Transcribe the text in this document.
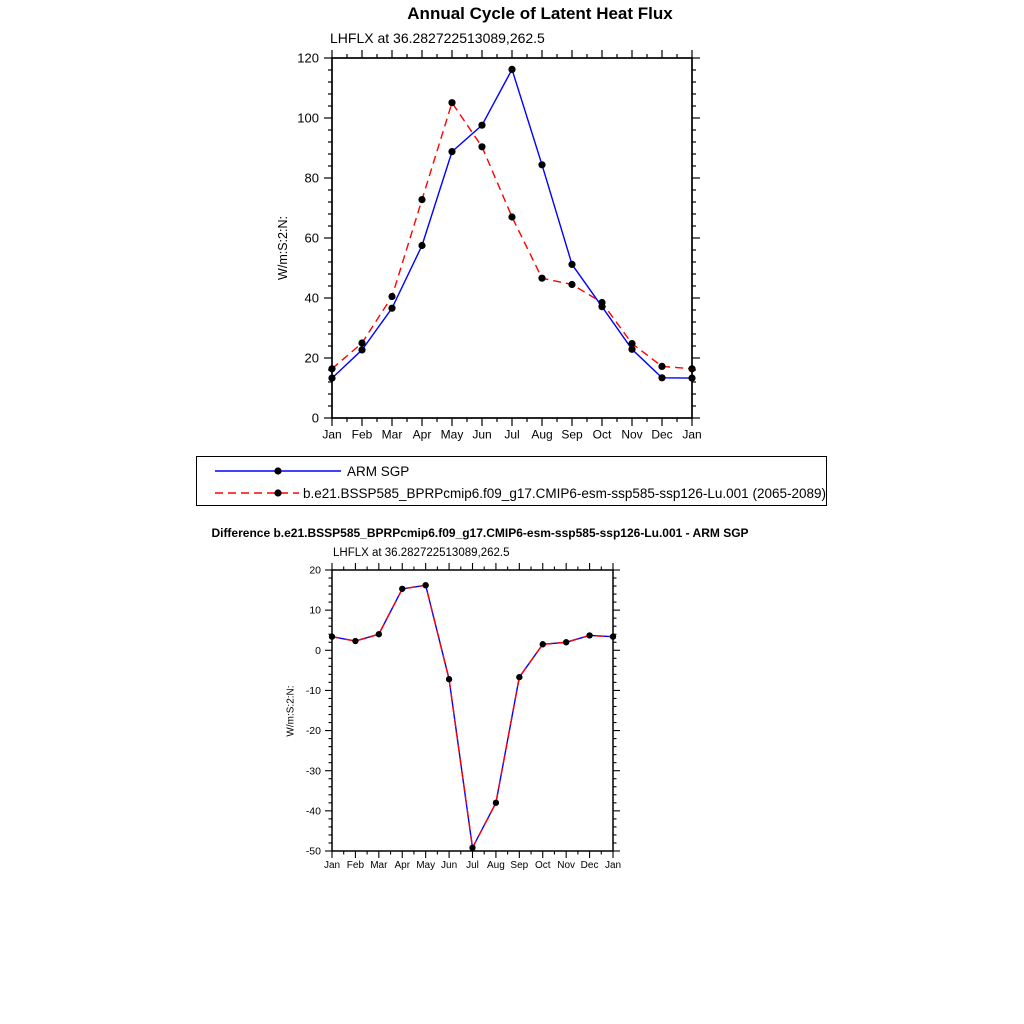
Annual Cycle of Latent Heat Flux
LHFLX at 36.282722513089,262.5
W/m:S:2:N:
0
20
40
60
80
100
120
Jan Feb Mar Apr May Jun Jul Aug Sep Oct Nov Dec Jan
ARM SGP
b.e21.BSSP585_BPRPcmip6.f09_g17.CMIP6-esm-ssp585-ssp126-Lu.001 (2065-2089)
Difference b.e21.BSSP585_BPRPcmip6.f09_g17.CMIP6-esm-ssp585-ssp126-Lu.001 - ARM SGP
LHFLX at 36.282722513089,262.5
W/m:S:2:N:
-50
-40
-30
-20
-10
0
10
20
Jan Feb Mar Apr May Jun Jul Aug Sep Oct Nov Dec Jan
